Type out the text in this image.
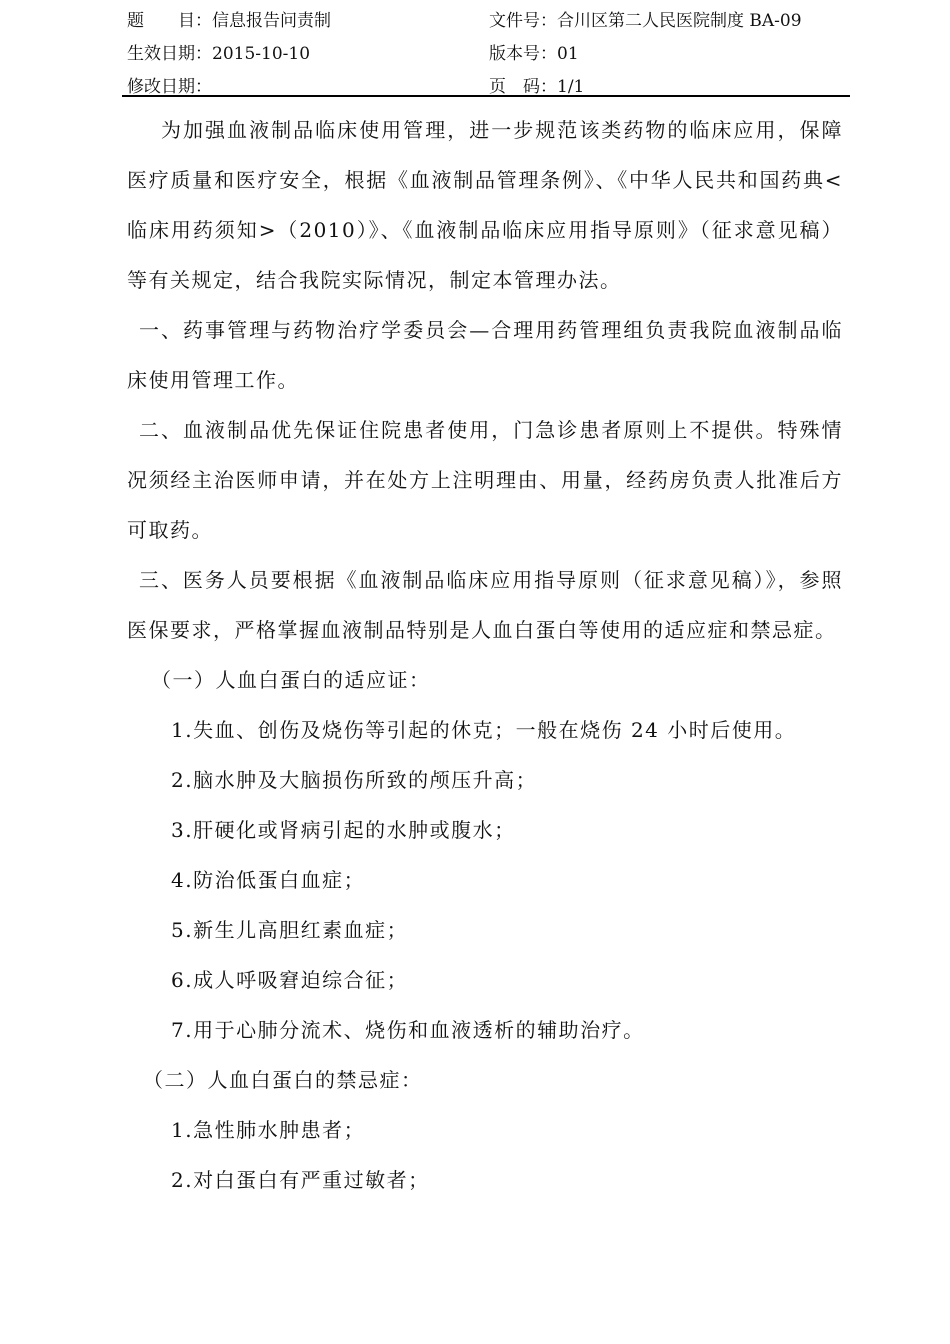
题　　目：信息报告问责制	文件号：合川区第二人民医院制度 BA-09
生效日期：2015-10-10	版本号：01
修改日期：	页　码：1/1

为加强血液制品临床使用管理，进一步规范该类药物的临床应用，保障医疗质量和医疗安全，根据《血液制品管理条例》、《中华人民共和国药典<临床用药须知>（2010）》、《血液制品临床应用指导原则》（征求意见稿）等有关规定，结合我院实际情况，制定本管理办法。

一、药事管理与药物治疗学委员会—合理用药管理组负责我院血液制品临床使用管理工作。

二、血液制品优先保证住院患者使用，门急诊患者原则上不提供。特殊情况须经主治医师申请，并在处方上注明理由、用量，经药房负责人批准后方可取药。

三、医务人员要根据《血液制品临床应用指导原则（征求意见稿）》，参照医保要求，严格掌握血液制品特别是人血白蛋白等使用的适应症和禁忌症。

（一）人血白蛋白的适应证：

1.失血、创伤及烧伤等引起的休克；一般在烧伤 24 小时后使用。

2.脑水肿及大脑损伤所致的颅压升高；

3.肝硬化或肾病引起的水肿或腹水；

4.防治低蛋白血症；

5.新生儿高胆红素血症；

6.成人呼吸窘迫综合征；

7.用于心肺分流术、烧伤和血液透析的辅助治疗。

（二）人血白蛋白的禁忌症：

1.急性肺水肿患者；

2.对白蛋白有严重过敏者；
